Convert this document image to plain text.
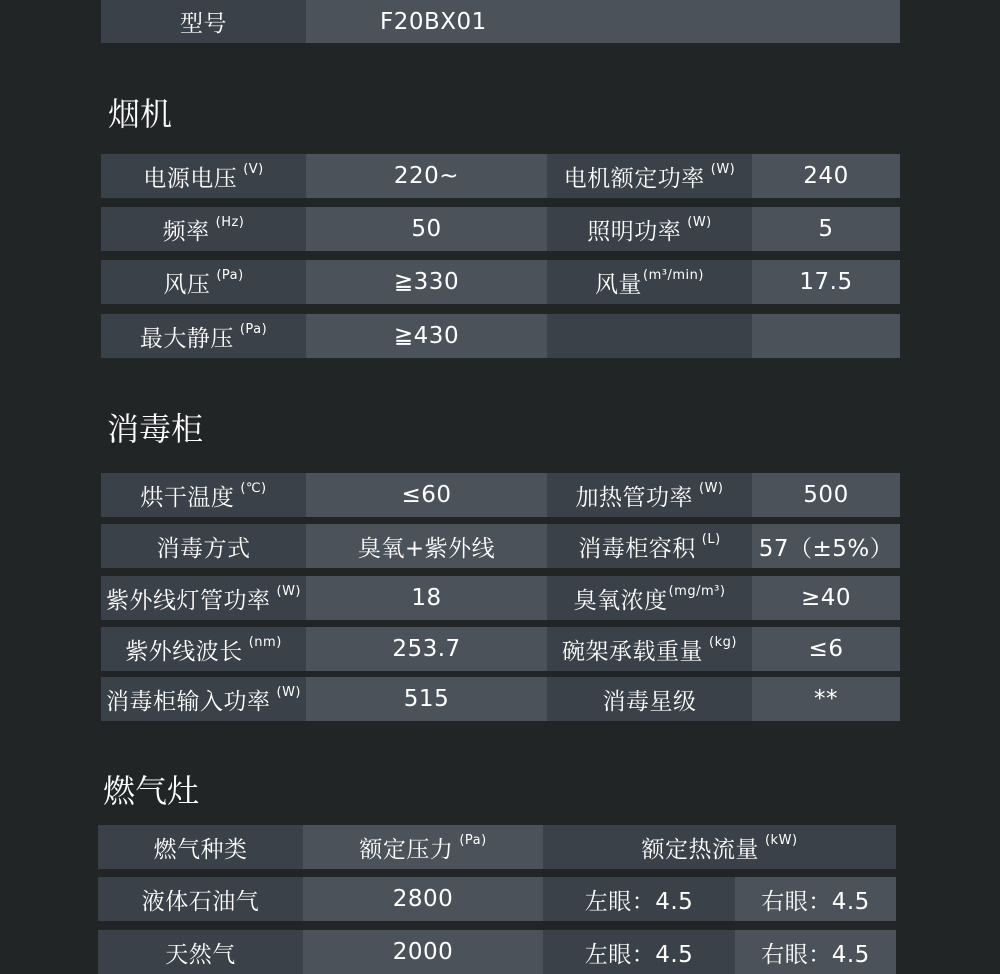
型号	F20BX01
烟机
电源电压 (V)	220~	电机额定功率 (W)	240
频率 (Hz)	50	照明功率 (W)	5
风压 (Pa)	≧330	风量 (m³/min)	17.5
最大静压 (Pa)	≧430
消毒柜
烘干温度 (℃)	≤60	加热管功率 (W)	500
消毒方式	臭氧+紫外线	消毒柜容积 (L) 57（±5%）
紫外线灯管功率 (W)	18	臭氧浓度 (mg/m³)	≥40
紫外线波长 (nm)	253.7	碗架承载重量 (kg)	≤6
消毒柜输入功率 (W)	515	消毒星级	**
燃气灶
燃气种类	额定压力 (Pa)	额定热流量 (kW)
液体石油气	2800	左眼：4.5	右眼：4.5
天然气	2000	左眼：4.5	右眼：4.5
